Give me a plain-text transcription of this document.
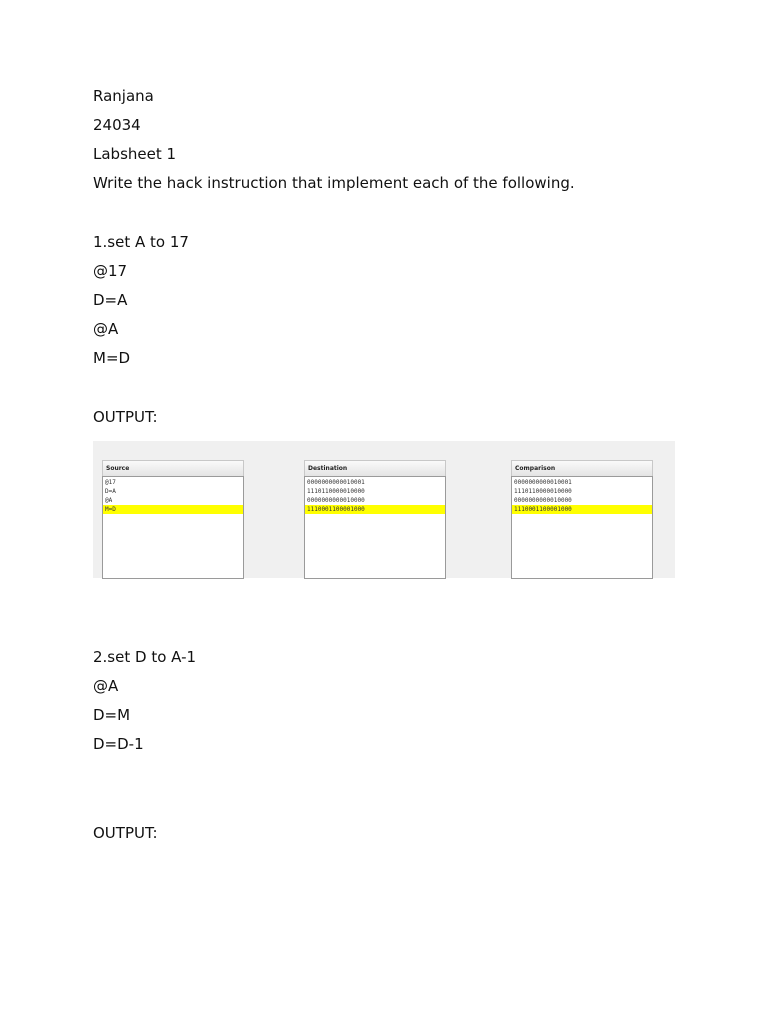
Ranjana
24034
Labsheet 1
Write the hack instruction that implement each of the following.
1.set A to 17
@17
D=A
@A
M=D
OUTPUT:
Source
@17
D=A
@A
M=D
Destination
0000000000010001
1110110000010000
0000000000010000
1110001100001000
Comparison
0000000000010001
1110110000010000
0000000000010000
1110001100001000
2.set D to A-1
@A
D=M
D=D-1
OUTPUT:
